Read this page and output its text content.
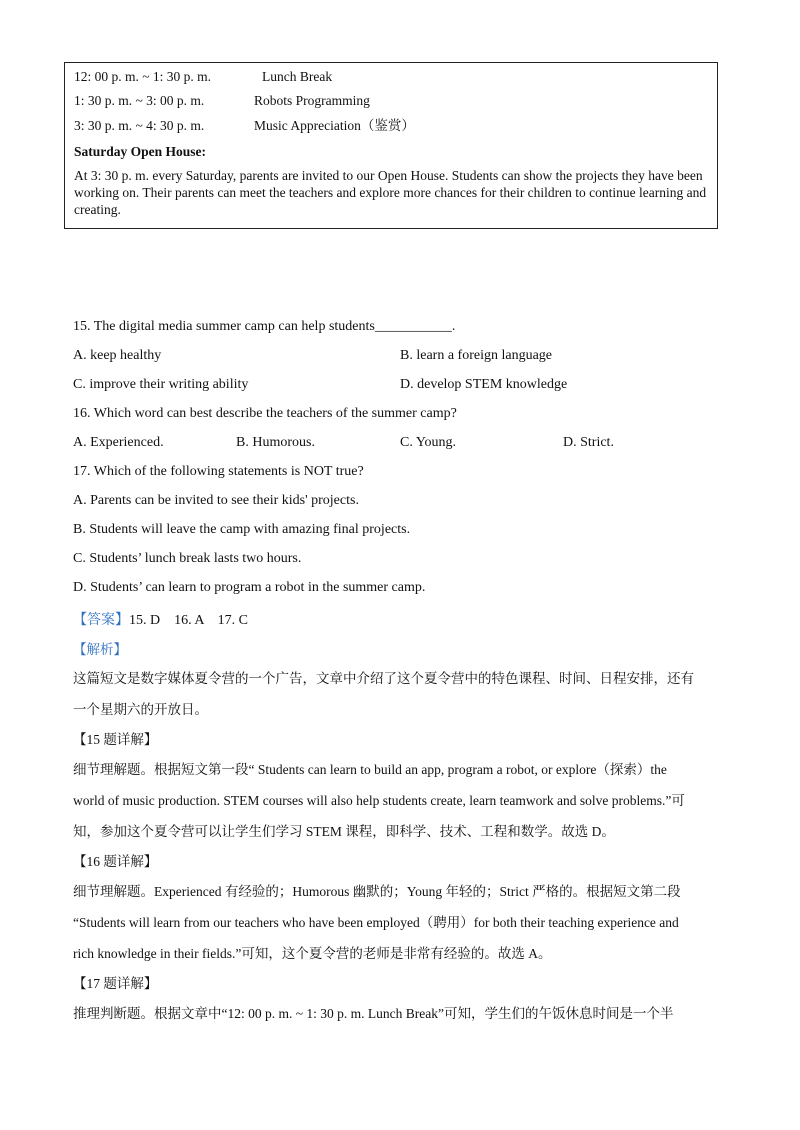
12: 00 p. m. ~ 1: 30 p. m.	Lunch Break
1: 30 p. m. ~ 3: 00 p. m.	Robots Programming
3: 30 p. m. ~ 4: 30 p. m.	Music Appreciation（鉴赏）
Saturday Open House:
At 3: 30 p. m. every Saturday, parents are invited to our Open House. Students can show the projects they have been working on. Their parents can meet the teachers and explore more chances for their children to continue learning and creating.
15. The digital media summer camp can help students___________.
A. keep healthy	B. learn a foreign language
C. improve their writing ability	D. develop STEM knowledge
16. Which word can best describe the teachers of the summer camp?
A. Experienced.	B. Humorous.	C. Young.	D. Strict.
17. Which of the following statements is NOT true?
A. Parents can be invited to see their kids' projects.
B. Students will leave the camp with amazing final projects.
C. Students’ lunch break lasts two hours.
D. Students’ can learn to program a robot in the summer camp.
【答案】15. D    16. A    17. C
【解析】
这篇短文是数字媒体夏令营的一个广告，文章中介绍了这个夏令营中的特色课程、时间、日程安排，还有
一个星期六的开放日。
【15 题详解】
细节理解题。根据短文第一段“ Students can learn to build an app, program a robot, or explore（探索）the
world of music production. STEM courses will also help students create, learn teamwork and solve problems.”可
知，参加这个夏令营可以让学生们学习 STEM 课程，即科学、技术、工程和数学。故选 D。
【16 题详解】
细节理解题。Experienced 有经验的；Humorous 幽默的；Young 年轻的；Strict 严格的。根据短文第二段
“Students will learn from our teachers who have been employed（聘用）for both their teaching experience and
rich knowledge in their fields.”可知，这个夏令营的老师是非常有经验的。故选 A。
【17 题详解】
推理判断题。根据文章中“12: 00 p. m. ~ 1: 30 p. m. Lunch Break”可知，学生们的午饭休息时间是一个半
